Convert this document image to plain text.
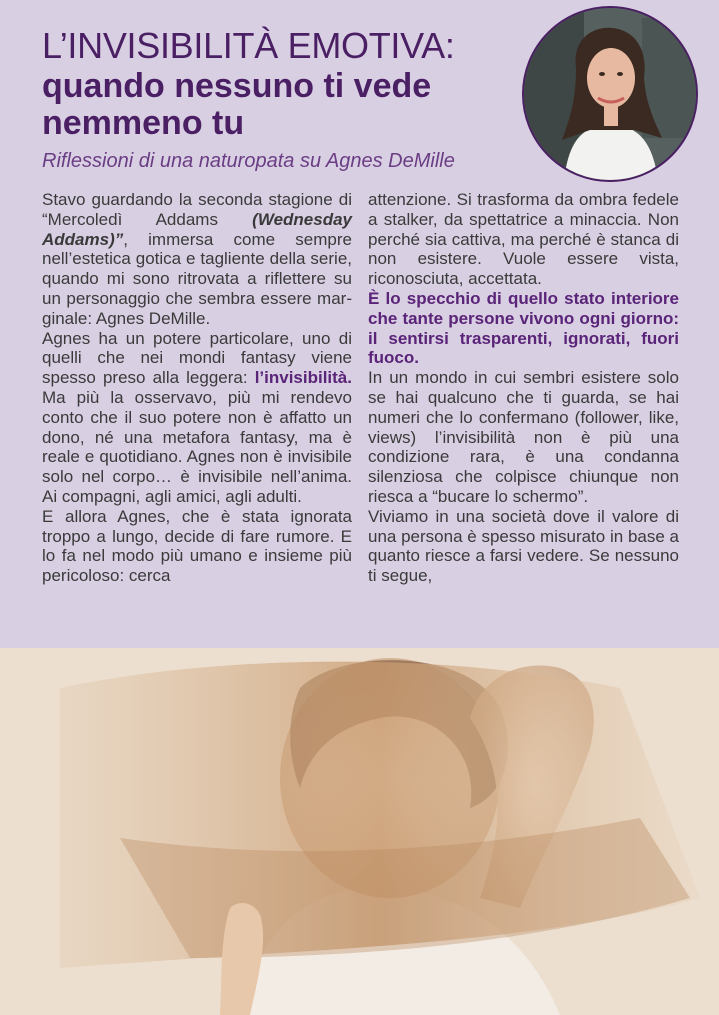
L’INVISIBILITÀ EMOTIVA:
quando nessuno ti vede
nemmeno tu
Riflessioni di una naturopata su Agnes DeMille

Stavo guardando la seconda stagione di “Mercoledì Addams (Wednesday Addams)”, immersa come sempre nell’estetica gotica e tagliente della serie, quando mi sono ritrovata a riflettere su un personaggio che sembra essere marginale: Agnes DeMille.

Agnes ha un potere particolare, uno di quelli che nei mondi fantasy viene spesso preso alla leggera: l’invisibilità. Ma più la osservavo, più mi rendevo conto che il suo potere non è affatto un dono, né una metafora fantasy, ma è reale e quotidiano. Agnes non è invisibile solo nel corpo… è invisibile nell’anima. Ai compagni, agli amici, agli adulti.

E allora Agnes, che è stata ignorata troppo a lungo, decide di fare rumore. E lo fa nel modo più umano e insieme più pericoloso: cerca

attenzione. Si trasforma da ombra fedele a stalker, da spettatrice a minaccia. Non perché sia cattiva, ma perché è stanca di non esistere. Vuole essere vista, riconosciuta, accettata.

È lo specchio di quello stato interiore che tante persone vivono ogni giorno: il sentirsi trasparenti, ignorati, fuori fuoco.

In un mondo in cui sembri esistere solo se hai qualcuno che ti guarda, se hai numeri che lo confermano (follower, like, views) l’invisibilità non è più una condizione rara, è una condanna silenziosa che colpisce chiunque non riesca a “bucare lo schermo”.

Viviamo in una società dove il valore di una persona è spesso misurato in base a quanto riesce a farsi vedere. Se nessuno ti segue,
